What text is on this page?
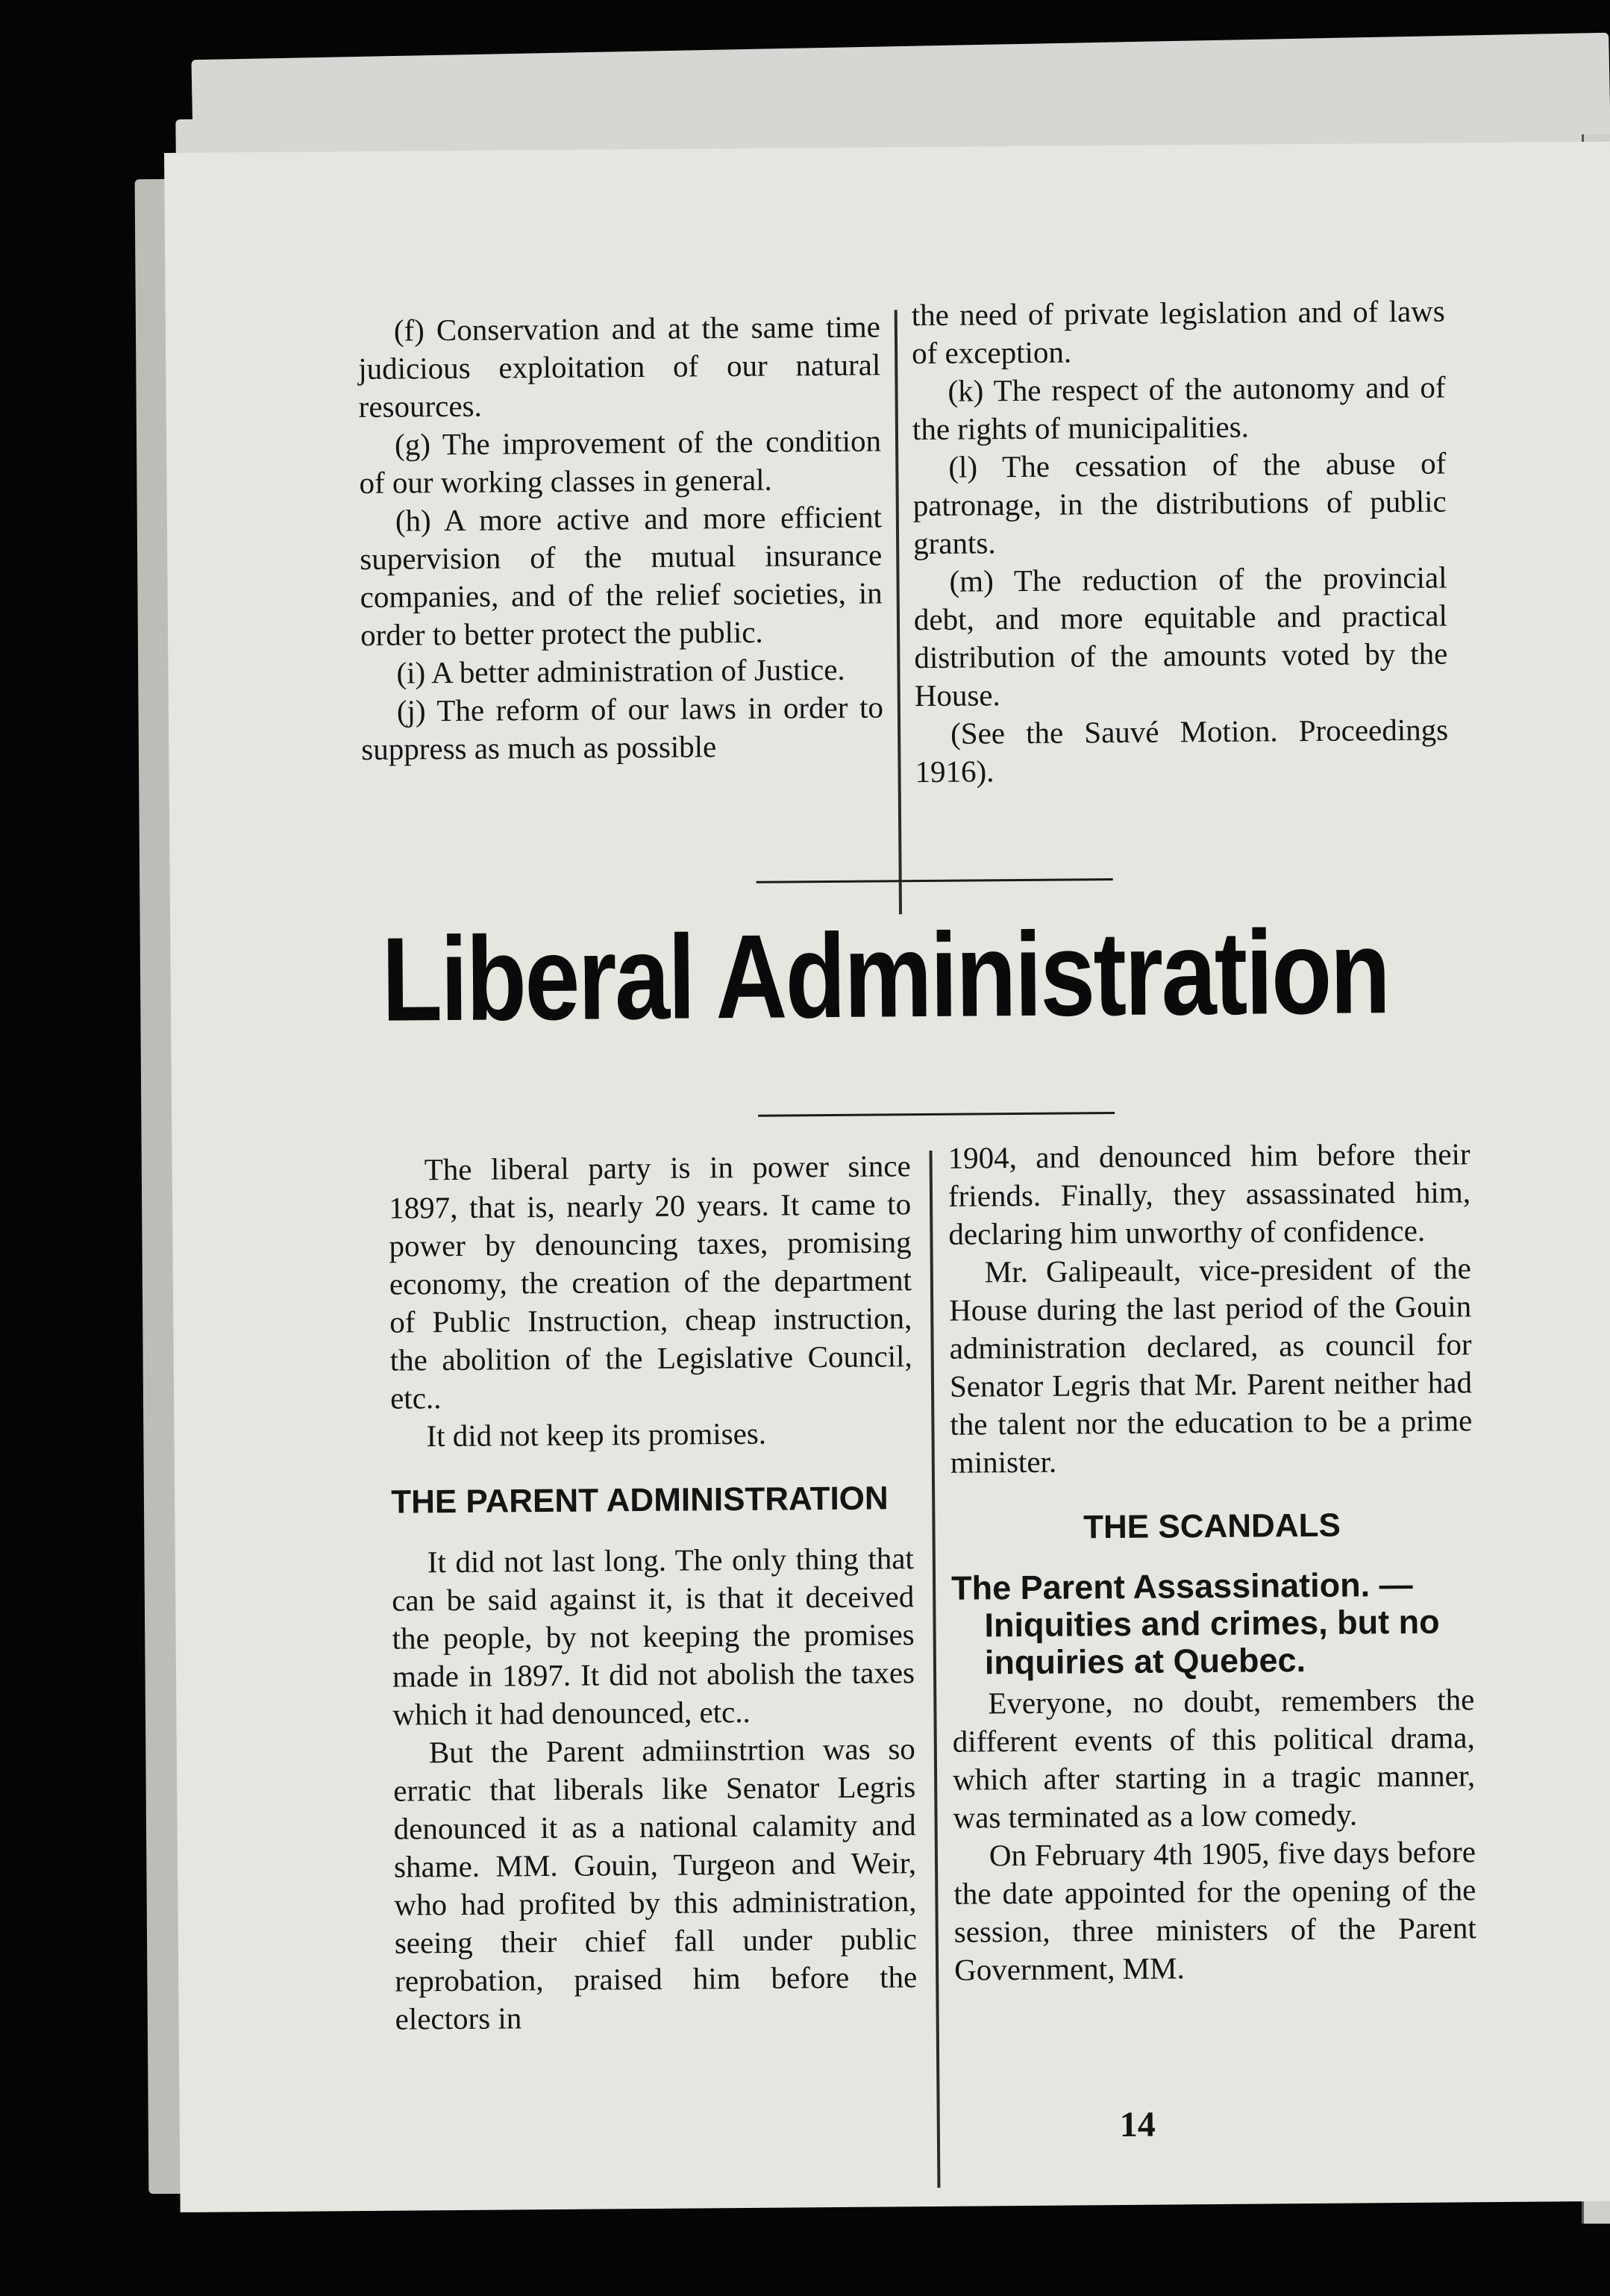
(f) Conservation and at the same time judicious exploitation of our natural resources.

(g) The improvement of the condition of our working classes in general.

(h) A more active and more efficient supervision of the mutual insurance companies, and of the relief societies, in order to better protect the public.

(i) A better administration of Justice.

(j) The reform of our laws in order to suppress as much as possible

the need of private legislation and of laws of exception.

(k) The respect of the autonomy and of the rights of municipalities.

(l) The cessation of the abuse of patronage, in the distributions of public grants.

(m) The reduction of the provincial debt, and more equitable and practical distribution of the amounts voted by the House.

(See the Sauvé Motion. Proceedings 1916).

Liberal Administration

The liberal party is in power since 1897, that is, nearly 20 years. It came to power by denouncing taxes, promising economy, the creation of the department of Public Instruction, cheap instruction, the abolition of the Legislative Council, etc..

It did not keep its promises.

THE PARENT ADMINISTRATION

It did not last long. The only thing that can be said against it, is that it deceived the people, by not keeping the promises made in 1897. It did not abolish the taxes which it had denounced, etc..

But the Parent admiinstrtion was so erratic that liberals like Senator Legris denounced it as a national calamity and shame. MM. Gouin, Turgeon and Weir, who had profited by this administration, seeing their chief fall under public reprobation, praised him before the electors in

1904, and denounced him before their friends. Finally, they assassinated him, declaring him unworthy of confidence.

Mr. Galipeault, vice-president of the House during the last period of the Gouin administration declared, as council for Senator Legris that Mr. Parent neither had the talent nor the education to be a prime minister.

THE SCANDALS
The Parent Assassination. —
Iniquities and crimes, but no inquiries at Quebec.

Everyone, no doubt, remembers the different events of this political drama, which after starting in a tragic manner, was terminated as a low comedy.

On February 4th 1905, five days before the date appointed for the opening of the session, three ministers of the Parent Government, MM.

14
